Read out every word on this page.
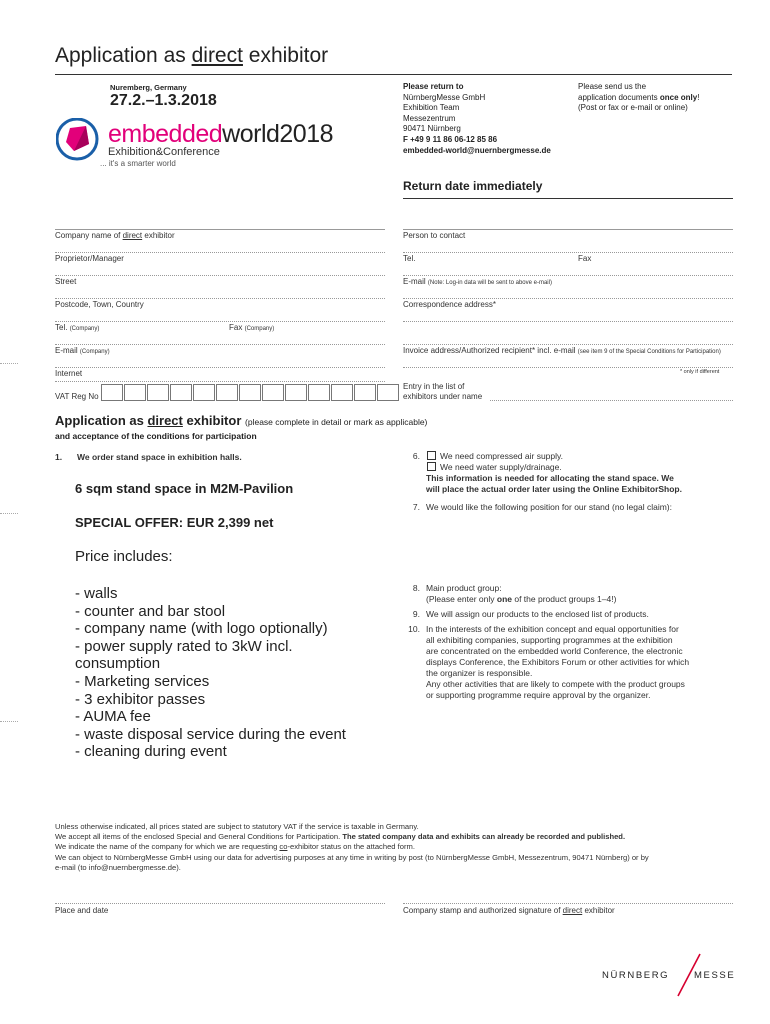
Application as direct exhibitor
Nuremberg, Germany
27.2.–1.3.2018
embeddedworld2018
Exhibition&Conference
... it's a smarter world
Please return to
NürnbergMesse GmbH
Exhibition Team
Messezentrum
90471 Nürnberg
F +49 9 11 86 06-12 85 86
embedded-world@nuernbergmesse.de
Please send us the
application documents once only!
(Post or fax or e-mail or online)
Return date immediately
Company name of direct exhibitor
Proprietor/Manager
Street
Postcode, Town, Country
Tel. (Company)	Fax (Company)
E-mail (Company)
Internet
VAT Reg No
Person to contact
Tel.	Fax
E-mail (Note: Log-in data will be sent to above e-mail)
Correspondence address*
Invoice address/Authorized recipient* incl. e-mail (see item 9 of the Special Conditions for Participation)
* only if different
Entry in the list of
exhibitors under name
Application as direct exhibitor (please complete in detail or mark as applicable)
and acceptance of the conditions for participation
1. We order stand space in exhibition halls.
6 sqm stand space in M2M-Pavilion
SPECIAL OFFER: EUR 2,399 net
Price includes:
- walls
- counter and bar stool
- company name (with logo optionally)
- power supply rated to 3kW incl.
consumption
- Marketing services
- 3 exhibitor passes
- AUMA fee
- waste disposal service during the event
- cleaning during event
6. We need compressed air supply.
We need water supply/drainage.
This information is needed for allocating the stand space. We
will place the actual order later using the Online ExhibitorShop.
7. We would like the following position for our stand (no legal claim):
8. Main product group:
(Please enter only one of the product groups 1–4!)
9. We will assign our products to the enclosed list of products.
10. In the interests of the exhibition concept and equal opportunities for
all exhibiting companies, supporting programmes at the exhibition
are concentrated on the embedded world Conference, the electronic
displays Conference, the Exhibitors Forum or other activities for which
the organizer is responsible.
Any other activities that are likely to compete with the product groups
or supporting programme require approval by the organizer.
Unless otherwise indicated, all prices stated are subject to statutory VAT if the service is taxable in Germany.
We accept all items of the enclosed Special and General Conditions for Participation. The stated company data and exhibits can already be recorded and published.
We indicate the name of the company for which we are requesting co-exhibitor status on the attached form.
We can object to NürnbergMesse GmbH using our data for advertising purposes at any time in writing by post (to NürnbergMesse GmbH, Messezentrum, 90471 Nürnberg) or by
e-mail (to info@nuernbergmesse.de).
Place and date	Company stamp and authorized signature of direct exhibitor
NÜRNBERG	MESSE
